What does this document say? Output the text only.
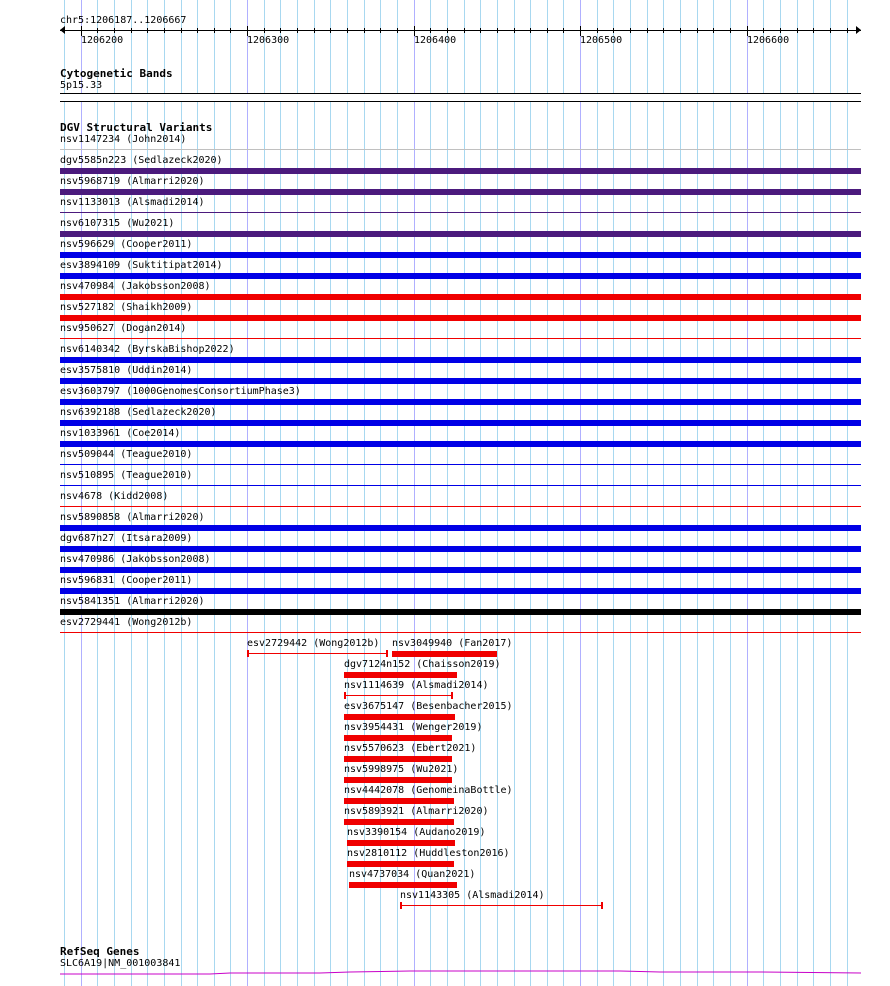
chr5:1206187..1206667
1206200	1206300	1206400	1206500	1206600
Cytogenetic Bands
5p15.33
DGV Structural Variants
nsv1147234 (John2014)
dgv5585n223 (Sedlazeck2020)
nsv5968719 (Almarri2020)
nsv1133013 (Alsmadi2014)
nsv6107315 (Wu2021)
nsv596629 (Cooper2011)
esv3894109 (Suktitipat2014)
nsv470984 (Jakobsson2008)
nsv527182 (Shaikh2009)
nsv950627 (Dogan2014)
nsv6140342 (ByrskaBishop2022)
esv3575810 (Uddin2014)
esv3603797 (1000GenomesConsortiumPhase3)
nsv6392188 (Sedlazeck2020)
nsv1033961 (Coe2014)
nsv509044 (Teague2010)
nsv510895 (Teague2010)
nsv4678 (Kidd2008)
nsv5890858 (Almarri2020)
dgv687n27 (Itsara2009)
nsv470986 (Jakobsson2008)
nsv596831 (Cooper2011)
nsv5841351 (Almarri2020)
esv2729441 (Wong2012b)
esv2729442 (Wong2012b) nsv3049940 (Fan2017)
dgv7124n152 (Chaisson2019)
nsv1114639 (Alsmadi2014)
esv3675147 (Besenbacher2015)
nsv3954431 (Wenger2019)
nsv5570623 (Ebert2021)
nsv5998975 (Wu2021)
nsv4442078 (GenomeinaBottle)
nsv5893921 (Almarri2020)
nsv3390154 (Audano2019)
nsv2810112 (Huddleston2016)
nsv4737034 (Quan2021)
nsv1143305 (Alsmadi2014)
RefSeq Genes
SLC6A19|NM_001003841
